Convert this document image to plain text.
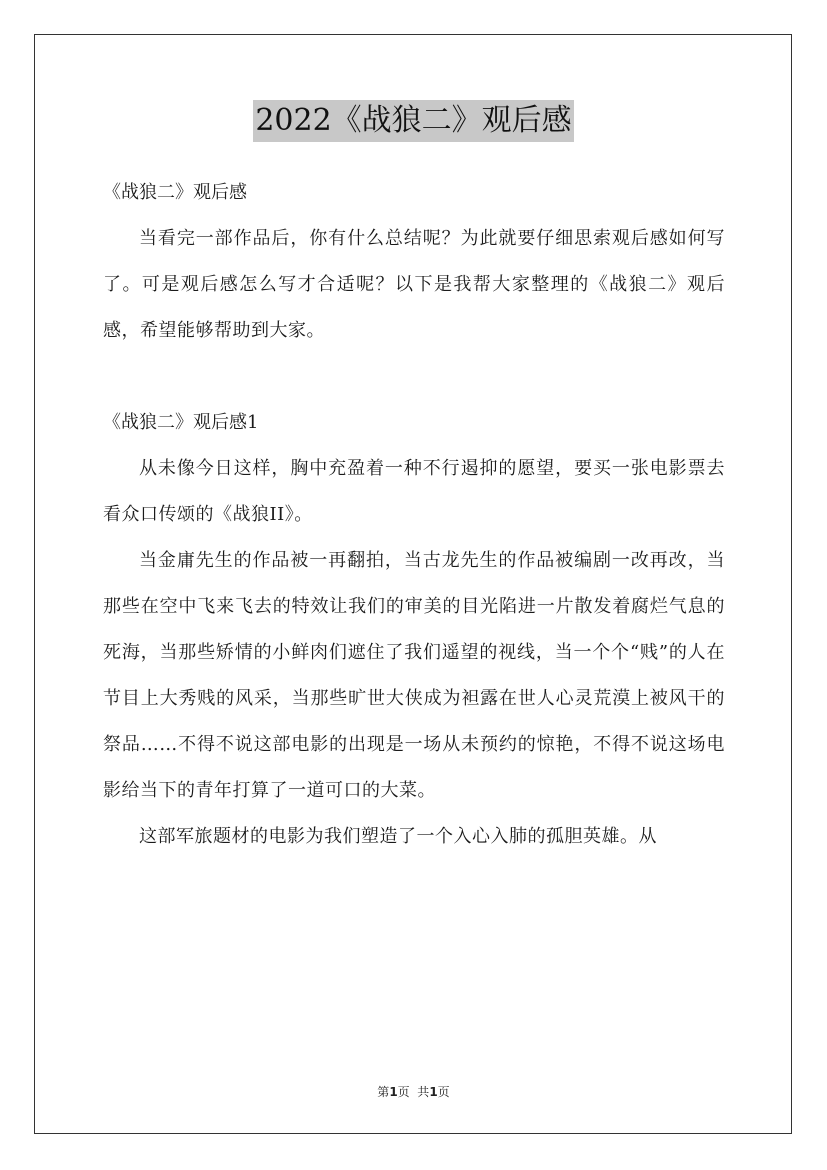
2022《战狼二》观后感

《战狼二》观后感

当看完一部作品后，你有什么总结呢？为此就要仔细思索观后感如何写了。可是观后感怎么写才合适呢？以下是我帮大家整理的《战狼二》观后感，希望能够帮助到大家。

《战狼二》观后感1

从未像今日这样，胸中充盈着一种不行遏抑的愿望，要买一张电影票去看众口传颂的《战狼II》。

当金庸先生的作品被一再翻拍，当古龙先生的作品被编剧一改再改，当那些在空中飞来飞去的特效让我们的审美的目光陷进一片散发着腐烂气息的死海，当那些矫情的小鲜肉们遮住了我们遥望的视线，当一个个“贱”的人在节目上大秀贱的风采，当那些旷世大侠成为袒露在世人心灵荒漠上被风干的祭品……不得不说这部电影的出现是一场从未预约的惊艳，不得不说这场电影给当下的青年打算了一道可口的大菜。

这部军旅题材的电影为我们塑造了一个入心入肺的孤胆英雄。从

第1页  共1页
